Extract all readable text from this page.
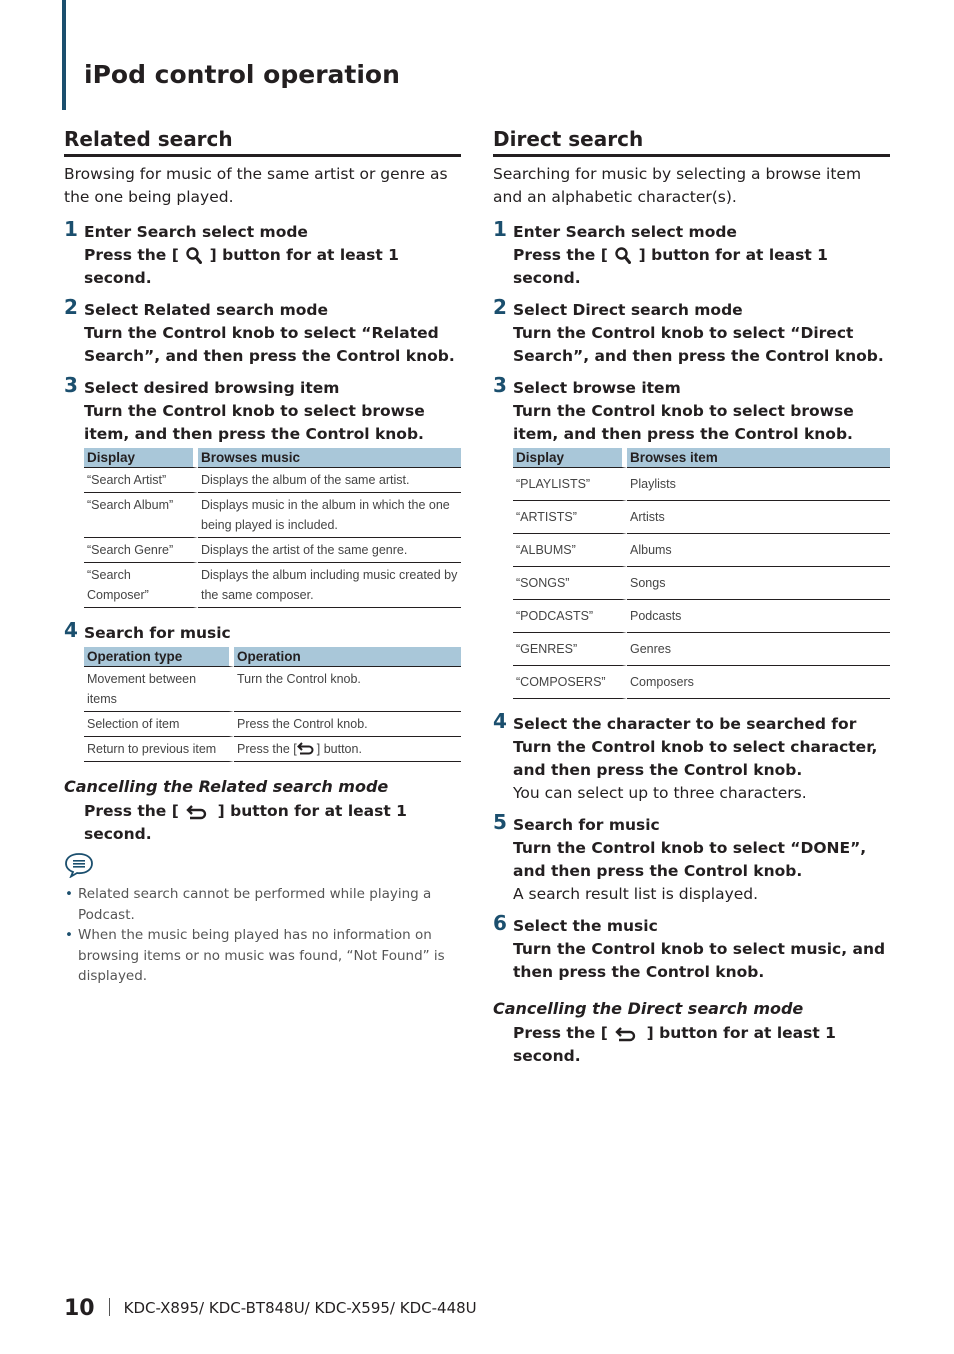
iPod control operation
Related search

Browsing for music of the same artist or genre as the one being played.

1 Enter Search select mode
Press the [ ] button for at least 1 second.
2 Select Related search mode
Turn the Control knob to select “Related Search”, and then press the Control knob.
3 Select desired browsing item
Turn the Control knob to select browse item, and then press the Control knob.
Display	Browses music
“Search Artist”	Displays the album of the same artist.
“Search Album”	Displays music in the album in which the one being played is included.
“Search Genre”	Displays the artist of the same genre.
“Search Composer”	Displays the album including music created by the same composer.
4 Search for music
Operation type	Operation
Movement between items	Turn the Control knob.
Selection of item	Press the Control knob.
Return to previous item	Press the [ ] button.
Cancelling the Related search mode

Press the [	] button for at least 1 second.

• Related search cannot be performed while playing a Podcast.
• When the music being played has no information on browsing items or no music was found, “Not Found” is displayed.
Direct search

Searching for music by selecting a browse item and an alphabetic character(s).

1 Enter Search select mode
Press the [ ] button for at least 1 second.
2 Select Direct search mode
Turn the Control knob to select “Direct Search”, and then press the Control knob.
3 Select browse item
Turn the Control knob to select browse item, and then press the Control knob.
Display	Browses item
“PLAYLISTS”	Playlists
“ARTISTS”	Artists
“ALBUMS”	Albums
“SONGS”	Songs
“PODCASTS”	Podcasts
“GENRES”	Genres
“COMPOSERS”	Composers
4 Select the character to be searched for
Turn the Control knob to select character, and then press the Control knob.
You can select up to three characters.
5 Search for music
Turn the Control knob to select “DONE”, and then press the Control knob.
A search result list is displayed.
6 Select the music
Turn the Control knob to select music, and then press the Control knob.
Cancelling the Direct search mode

Press the [	] button for at least 1 second.

10 KDC-X895/ KDC-BT848U/ KDC-X595/ KDC-448U
